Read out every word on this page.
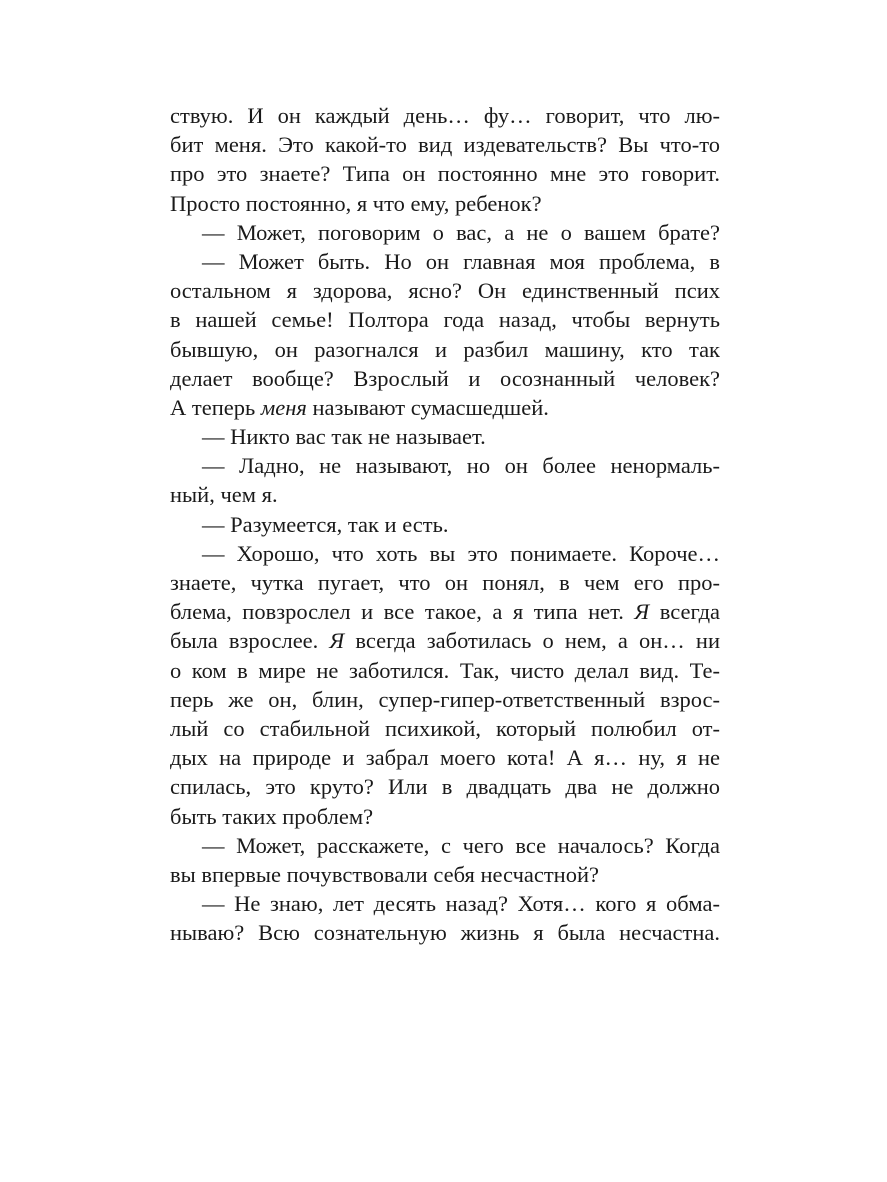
ствую. И он каждый день… фу… говорит, что лю-
бит меня. Это какой-то вид издевательств? Вы что-то
про это знаете? Типа он постоянно мне это говорит.
Просто постоянно, я что ему, ребенок?
— Может, поговорим о вас, а не о вашем брате?
— Может быть. Но он главная моя проблема, в
остальном я здорова, ясно? Он единственный псих
в нашей семье! Полтора года назад, чтобы вернуть
бывшую, он разогнался и разбил машину, кто так
делает вообще? Взрослый и осознанный человек?
А теперь меня называют сумасшедшей.
— Никто вас так не называет.
— Ладно, не называют, но он более ненормаль-
ный, чем я.
— Разумеется, так и есть.
— Хорошо, что хоть вы это понимаете. Короче…
знаете, чутка пугает, что он понял, в чем его про-
блема, повзрослел и все такое, а я типа нет. Я всегда
была взрослее. Я всегда заботилась о нем, а он… ни
о ком в мире не заботился. Так, чисто делал вид. Те-
перь же он, блин, супер-гипер-ответственный взрос-
лый со стабильной психикой, который полюбил от-
дых на природе и забрал моего кота! А я… ну, я не
спилась, это круто? Или в двадцать два не должно
быть таких проблем?
— Может, расскажете, с чего все началось? Когда
вы впервые почувствовали себя несчастной?
— Не знаю, лет десять назад? Хотя… кого я обма-
нываю? Всю сознательную жизнь я была несчастна.
